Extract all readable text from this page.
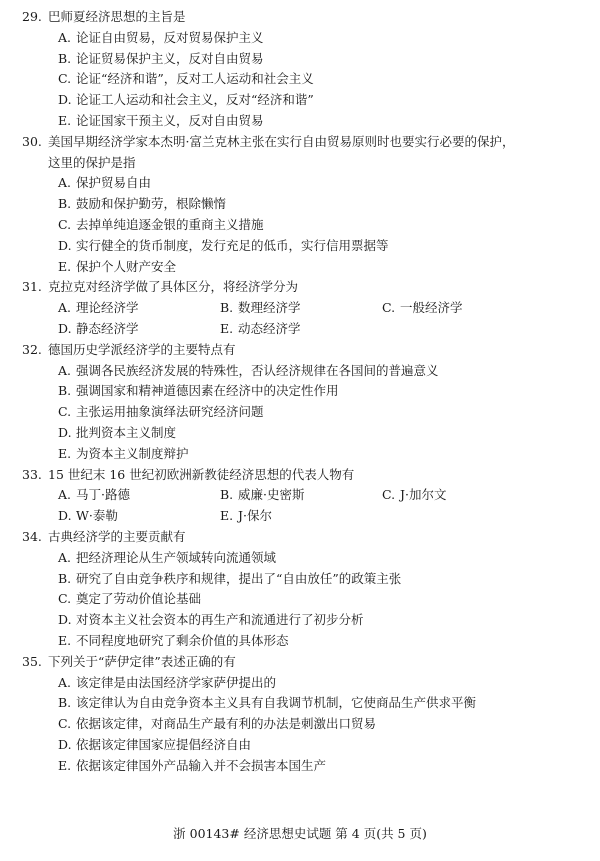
29. 巴师夏经济思想的主旨是
A. 论证自由贸易，反对贸易保护主义
B. 论证贸易保护主义，反对自由贸易
C. 论证“经济和谐”，反对工人运动和社会主义
D. 论证工人运动和社会主义，反对“经济和谐”
E. 论证国家干预主义，反对自由贸易
30. 美国早期经济学家本杰明·富兰克林主张在实行自由贸易原则时也要实行必要的保护，
这里的保护是指
A. 保护贸易自由
B. 鼓励和保护勤劳，根除懒惰
C. 去掉单纯追逐金银的重商主义措施
D. 实行健全的货币制度，发行充足的低币，实行信用票据等
E. 保护个人财产安全
31. 克拉克对经济学做了具体区分，将经济学分为
A. 理论经济学	B. 数理经济学	C. 一般经济学
D. 静态经济学	E. 动态经济学
32. 德国历史学派经济学的主要特点有
A. 强调各民族经济发展的特殊性，否认经济规律在各国间的普遍意义
B. 强调国家和精神道德因素在经济中的决定性作用
C. 主张运用抽象演绎法研究经济问题
D. 批判资本主义制度
E. 为资本主义制度辩护
33. 15 世纪末 16 世纪初欧洲新教徒经济思想的代表人物有
A. 马丁·路德	B. 威廉·史密斯	C. J·加尔文
D. W·泰勒	E. J·保尔
34. 古典经济学的主要贡献有
A. 把经济理论从生产领域转向流通领域
B. 研究了自由竞争秩序和规律，提出了“自由放任”的政策主张
C. 奠定了劳动价值论基础
D. 对资本主义社会资本的再生产和流通进行了初步分析
E. 不同程度地研究了剩余价值的具体形态
35. 下列关于“萨伊定律”表述正确的有
A. 该定律是由法国经济学家萨伊提出的
B. 该定律认为自由竞争资本主义具有自我调节机制，它使商品生产供求平衡
C. 依据该定律，对商品生产最有利的办法是刺激出口贸易
D. 依据该定律国家应提倡经济自由
E. 依据该定律国外产品输入并不会损害本国生产
浙 00143# 经济思想史试题 第 4 页(共 5 页)
